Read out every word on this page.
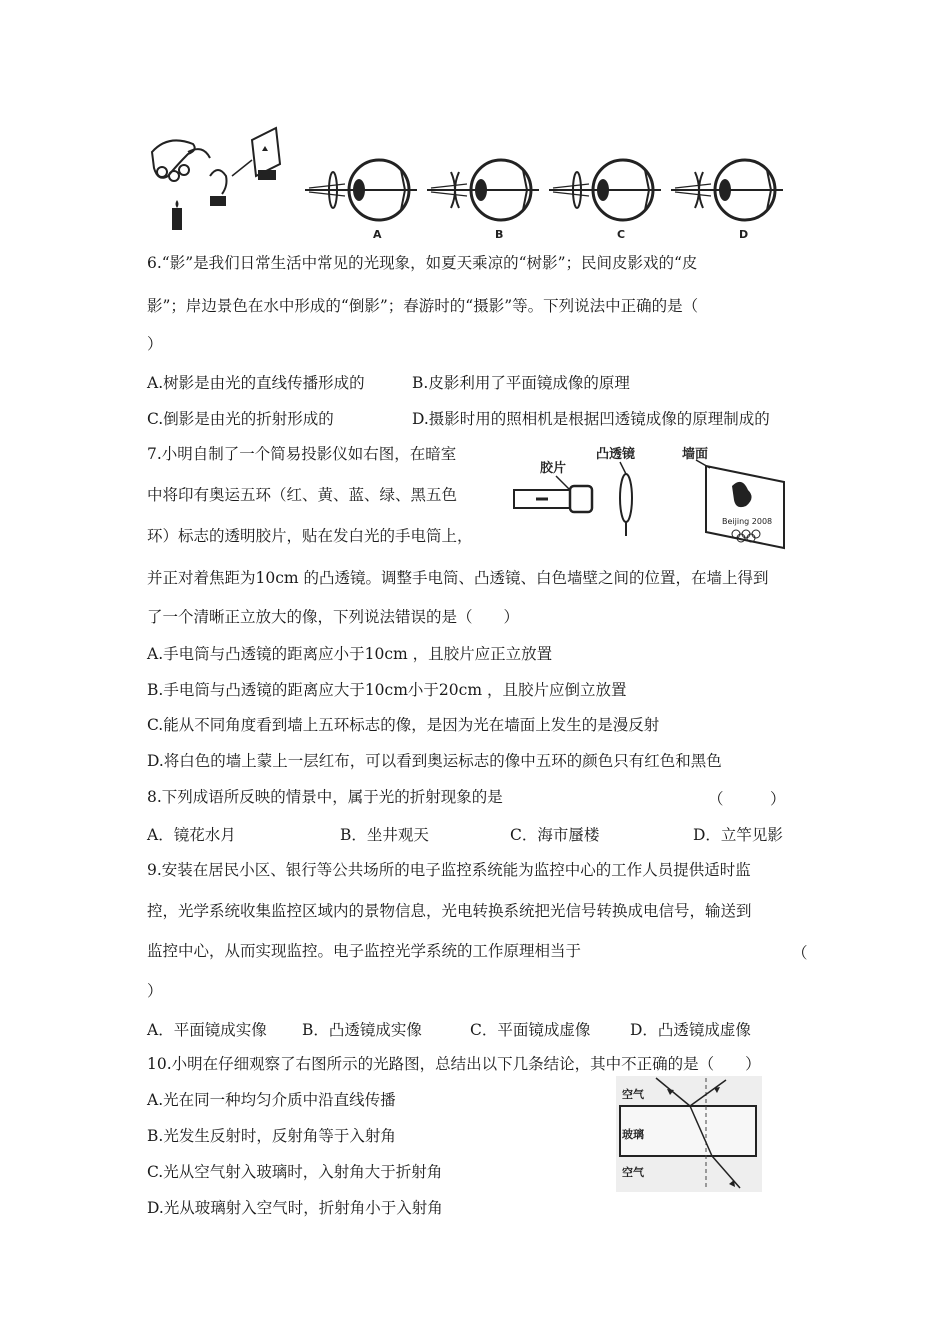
A	B	C	D
6.“影”是我们日常生活中常见的光现象，如夏天乘凉的“树影”；民间皮影戏的“皮
影”；岸边景色在水中形成的“倒影”；春游时的“摄影”等。下列说法中正确的是（
）
A.树影是由光的直线传播形成的	B.皮影利用了平面镜成像的原理
C.倒影是由光的折射形成的	D.摄影时用的照相机是根据凹透镜成像的原理制成的
7.小明自制了一个简易投影仪如右图，在暗室
中将印有奥运五环（红、黄、蓝、绿、黑五色
环）标志的透明胶片，贴在发白光的手电筒上，
胶片
凸透镜	墙面
Beijing 2008
并正对着焦距为10cm 的凸透镜。调整手电筒、凸透镜、白色墙壁之间的位置，在墙上得到
了一个清晰正立放大的像，下列说法错误的是（　　）
A.手电筒与凸透镜的距离应小于10cm ，且胶片应正立放置
B.手电筒与凸透镜的距离应大于10cm小于20cm ，且胶片应倒立放置
C.能从不同角度看到墙上五环标志的像，是因为光在墙面上发生的是漫反射
D.将白色的墙上蒙上一层红布，可以看到奥运标志的像中五环的颜色只有红色和黑色
8.下列成语所反映的情景中，属于光的折射现象的是	（　　　）
A．镜花水月	B．坐井观天	C．海市蜃楼	D．立竿见影
9.安装在居民小区、银行等公共场所的电子监控系统能为监控中心的工作人员提供适时监
控，光学系统收集监控区域内的景物信息，光电转换系统把光信号转换成电信号，输送到
监控中心，从而实现监控。电子监控光学系统的工作原理相当于	（
）
A．平面镜成实像 B．凸透镜成实像	C．平面镜成虚像	D．凸透镜成虚像
10.小明在仔细观察了右图所示的光路图，总结出以下几条结论，其中不正确的是（　　）
A.光在同一种均匀介质中沿直线传播
B.光发生反射时，反射角等于入射角
C.光从空气射入玻璃时，入射角大于折射角
D.光从玻璃射入空气时，折射角小于入射角
空气
玻璃
空气
